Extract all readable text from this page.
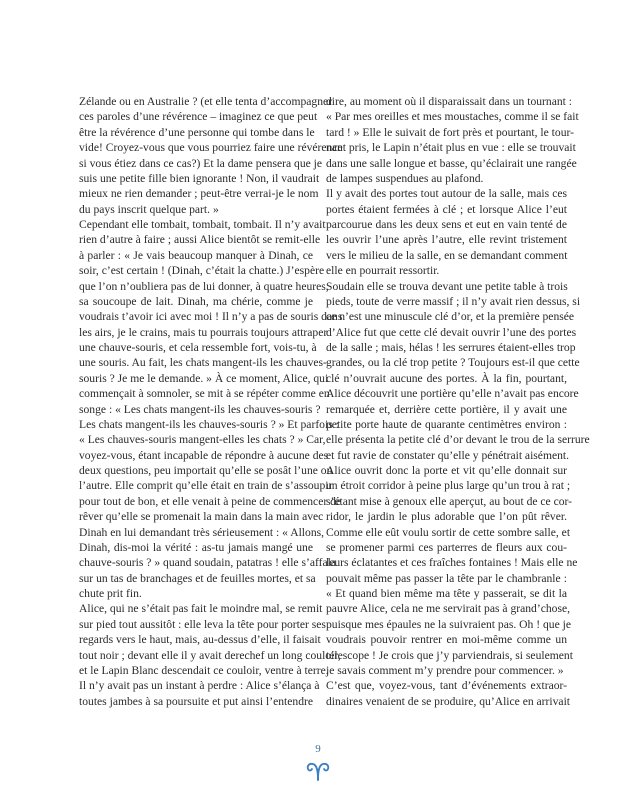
Zélande ou en Australie ? (et elle tenta d’accompagner
ces paroles d’une révérence – imaginez ce que peut
être la révérence d’une personne qui tombe dans le
vide! Croyez-vous que vous pourriez faire une révérence
si vous étiez dans ce cas?) Et la dame pensera que je
suis une petite fille bien ignorante ! Non, il vaudrait
mieux ne rien demander ; peut-être verrai-je le nom
du pays inscrit quelque part. »
Cependant elle tombait, tombait, tombait. Il n’y avait
rien d’autre à faire ; aussi Alice bientôt se remit-elle
à parler : « Je vais beaucoup manquer à Dinah, ce
soir, c’est certain ! (Dinah, c’était la chatte.) J’espère
que l’on n’oubliera pas de lui donner, à quatre heures,
sa soucoupe de lait. Dinah, ma chérie, comme je
voudrais t’avoir ici avec moi ! Il n’y a pas de souris dans
les airs, je le crains, mais tu pourrais toujours attraper
une chauve-souris, et cela ressemble fort, vois-tu, à
une souris. Au fait, les chats mangent-ils les chauves-
souris ? Je me le demande. » À ce moment, Alice, qui
commençait à somnoler, se mit à se répéter comme en
songe : « Les chats mangent-ils les chauves-souris ?
Les chats mangent-ils les chauves-souris ? » Et parfois :
« Les chauves-souris mangent-elles les chats ? » Car,
voyez-vous, étant incapable de répondre à aucune des
deux questions, peu importait qu’elle se posât l’une ou
l’autre. Elle comprit qu’elle était en train de s’assoupir
pour tout de bon, et elle venait à peine de commencer de
rêver qu’elle se promenait la main dans la main avec
Dinah en lui demandant très sérieusement : « Allons,
Dinah, dis-moi la vérité : as-tu jamais mangé une
chauve-souris ? » quand soudain, patatras ! elle s’affala
sur un tas de branchages et de feuilles mortes, et sa
chute prit fin.
Alice, qui ne s’était pas fait le moindre mal, se remit
sur pied tout aussitôt : elle leva la tête pour porter ses
regards vers le haut, mais, au-dessus d’elle, il faisait
tout noir ; devant elle il y avait derechef un long couloir,
et le Lapin Blanc descendait ce couloir, ventre à terre.
Il n’y avait pas un instant à perdre : Alice s’élança à
toutes jambes à sa poursuite et put ainsi l’entendre
dire, au moment où il disparaissait dans un tournant :
« Par mes oreilles et mes moustaches, comme il se fait
tard ! » Elle le suivait de fort près et pourtant, le tour-
nant pris, le Lapin n’était plus en vue : elle se trouvait
dans une salle longue et basse, qu’éclairait une rangée
de lampes suspendues au plafond.
Il y avait des portes tout autour de la salle, mais ces
portes étaient fermées à clé ; et lorsque Alice l’eut
parcourue dans les deux sens et eut en vain tenté de
les ouvrir l’une après l’autre, elle revint tristement
vers le milieu de la salle, en se demandant comment
elle en pourrait ressortir.
Soudain elle se trouva devant une petite table à trois
pieds, toute de verre massif ; il n’y avait rien dessus, si
ce n’est une minuscule clé d’or, et la première pensée
d’Alice fut que cette clé devait ouvrir l’une des portes
de la salle ; mais, hélas ! les serrures étaient-elles trop
grandes, ou la clé trop petite ? Toujours est-il que cette
clé n’ouvrait aucune des portes. À la fin, pourtant,
Alice découvrit une portière qu’elle n’avait pas encore
remarquée et, derrière cette portière, il y avait une
petite porte haute de quarante centimètres environ :
elle présenta la petite clé d’or devant le trou de la serrure
et fut ravie de constater qu’elle y pénétrait aisément.
Alice ouvrit donc la porte et vit qu’elle donnait sur
un étroit corridor à peine plus large qu’un trou à rat ;
s’étant mise à genoux elle aperçut, au bout de ce cor-
ridor, le jardin le plus adorable que l’on pût rêver.
Comme elle eût voulu sortir de cette sombre salle, et
se promener parmi ces parterres de fleurs aux cou-
leurs éclatantes et ces fraîches fontaines ! Mais elle ne
pouvait même pas passer la tête par le chambranle :
« Et quand bien même ma tête y passerait, se dit la
pauvre Alice, cela ne me servirait pas à grand’chose,
puisque mes épaules ne la suivraient pas. Oh ! que je
voudrais pouvoir rentrer en moi-même comme un
télescope ! Je crois que j’y parviendrais, si seulement
je savais comment m’y prendre pour commencer. »
C’est que, voyez-vous, tant d’événements extraor-
dinaires venaient de se produire, qu’Alice en arrivait
9
